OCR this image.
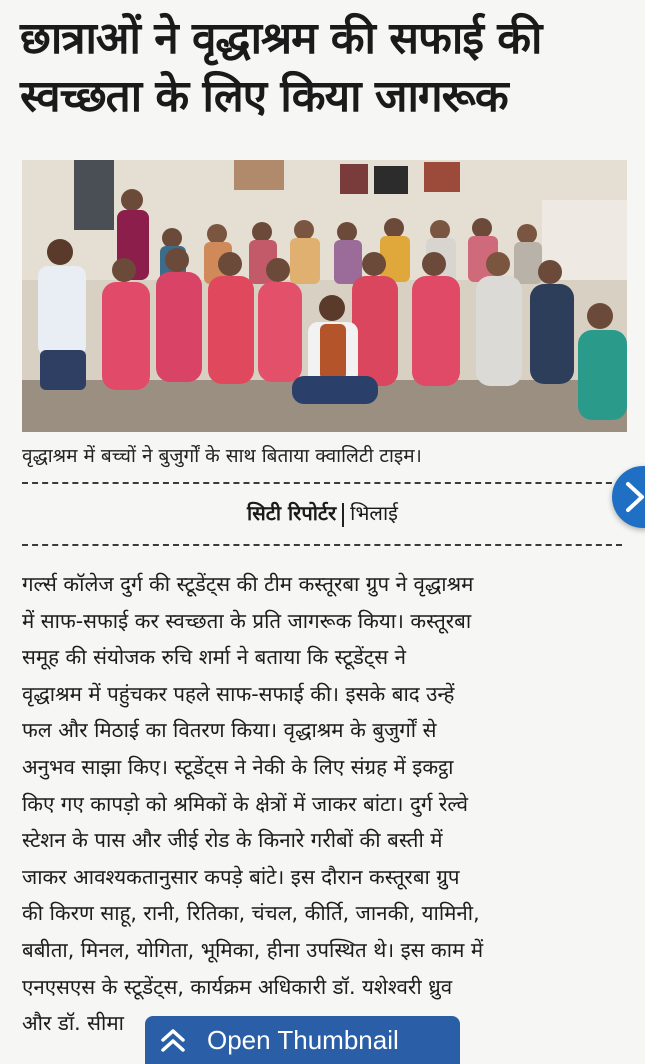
छात्राओं ने वृद्धाश्रम की सफाई की
स्वच्छता के लिए किया जागरूक
वृद्धाश्रम में बच्चों ने बुजुर्गों के साथ बिताया क्वालिटी टाइम।
सिटी रिपोर्टर भिलाई
गर्ल्स कॉलेज दुर्ग की स्टूडेंट्स की टीम कस्तूरबा ग्रुप ने वृद्धाश्रम
में साफ-सफाई कर स्वच्छता के प्रति जागरूक किया। कस्तूरबा
समूह की संयोजक रुचि शर्मा ने बताया कि स्टूडेंट्स ने
वृद्धाश्रम में पहुंचकर पहले साफ-सफाई की। इसके बाद उन्हें
फल और मिठाई का वितरण किया। वृद्धाश्रम के बुजुर्गों से
अनुभव साझा किए। स्टूडेंट्स ने नेकी के लिए संग्रह में इकट्ठा
किए गए कापड़ो को श्रमिकों के क्षेत्रों में जाकर बांटा। दुर्ग रेल्वे
स्टेशन के पास और जीई रोड के किनारे गरीबों की बस्ती में
जाकर आवश्यकतानुसार कपड़े बांटे। इस दौरान कस्तूरबा ग्रुप
की किरण साहू, रानी, रितिका, चंचल, कीर्ति, जानकी, यामिनी,
बबीता, मिनल, योगिता, भूमिका, हीना उपस्थित थे। इस काम में
एनएसएस के स्टूडेंट्स, कार्यक्रम अधिकारी डॉ. यशेश्वरी ध्रुव
और डॉ. सीमा
Open Thumbnail
